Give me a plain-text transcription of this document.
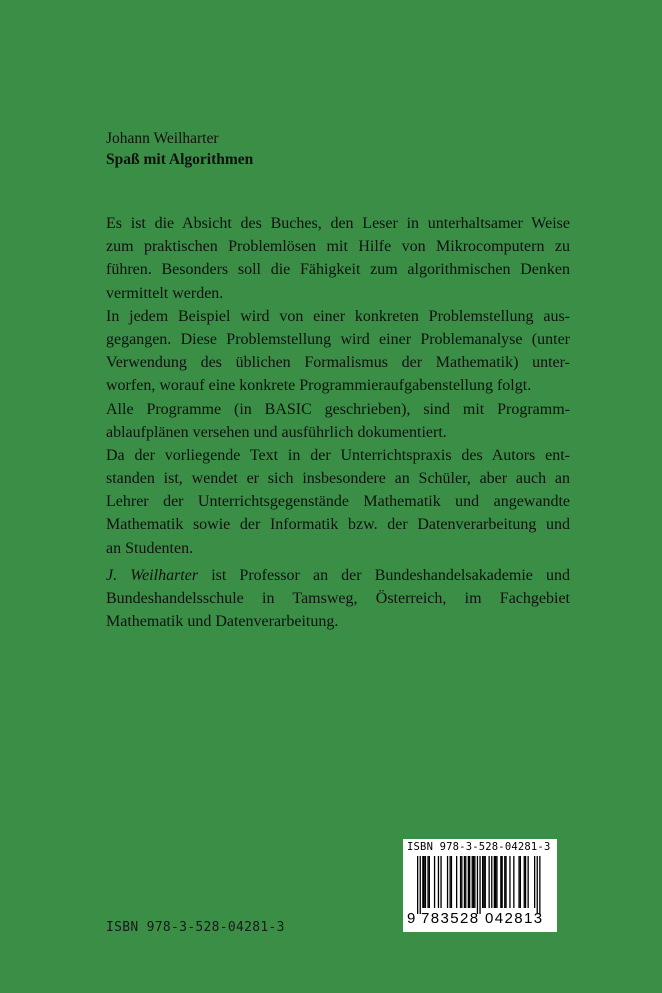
Johann Weilharter

Spaß mit Algorithmen

Es ist die Absicht des Buches, den Leser in unterhaltsamer Weise
zum praktischen Problemlösen mit Hilfe von Mikrocomputern zu
führen. Besonders soll die Fähigkeit zum algorithmischen Denken
vermittelt werden.
In jedem Beispiel wird von einer konkreten Problemstellung aus-
gegangen. Diese Problemstellung wird einer Problemanalyse (unter
Verwendung des üblichen Formalismus der Mathematik) unter-
worfen, worauf eine konkrete Programmieraufgabenstellung folgt.
Alle Programme (in BASIC geschrieben), sind mit Programm-
ablaufplänen versehen und ausführlich dokumentiert.
Da der vorliegende Text in der Unterrichtspraxis des Autors ent-
standen ist, wendet er sich insbesondere an Schüler, aber auch an
Lehrer der Unterrichtsgegenstände Mathematik und angewandte
Mathematik sowie der Informatik bzw. der Datenverarbeitung und
an Studenten.
J. Weilharter ist Professor an der Bundeshandelsakademie und
Bundeshandelsschule in Tamsweg, Österreich, im Fachgebiet
Mathematik und Datenverarbeitung.
ISBN 978-3-528-04281-3
9 783528 042813
ISBN 978-3-528-04281-3
